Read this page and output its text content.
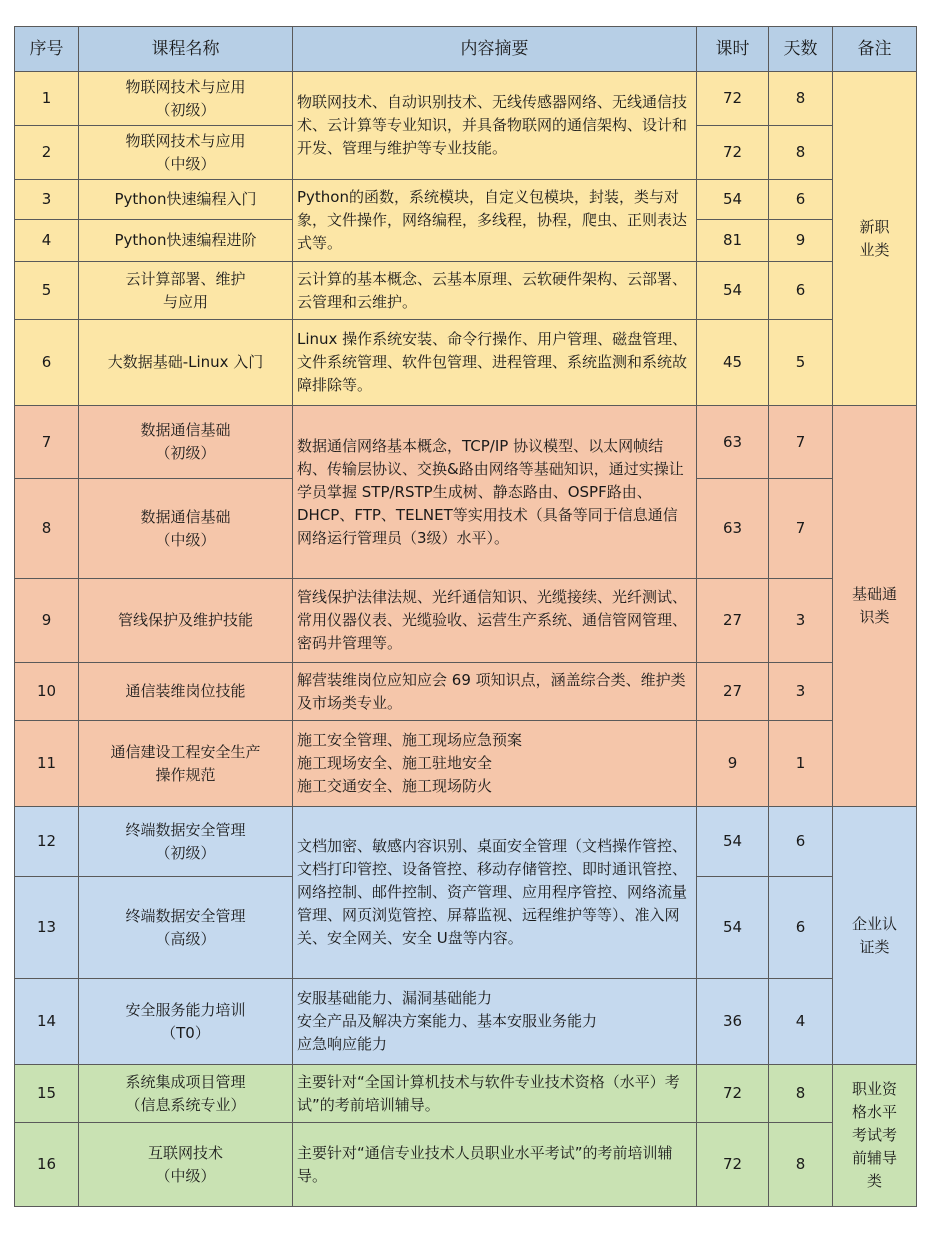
序号	课程名称	内容摘要	课时	天数	备注
1	物联网技术与应用
（初级）	物联网技术、自动识别技术、无线传感器网络、无线通信技术、云计算等专业知识，并具备物联网的通信架构、设计和开发、管理与维护等专业技能。	72	8	新职
业类
2	物联网技术与应用
（中级）		72	8	
3	Python快速编程入门	Python的函数，系统模块，自定义包模块，封装，类与对象，文件操作，网络编程，多线程，协程，爬虫、正则表达式等。	54	6	
4	Python快速编程进阶		81	9	
5	云计算部署、维护
与应用	云计算的基本概念、云基本原理、云软硬件架构、云部署、云管理和云维护。	54	6	
6	大数据基础-Linux 入门	Linux 操作系统安装、命令行操作、用户管理、磁盘管理、文件系统管理、软件包管理、进程管理、系统监测和系统故障排除等。	45	5	
7	数据通信基础
（初级）	数据通信网络基本概念，TCP/IP 协议模型、以太网帧结构、传输层协议、交换&路由网络等基础知识，通过实操让学员掌握 STP/RSTP生成树、静态路由、OSPF路由、DHCP、FTP、TELNET等实用技术（具备等同于信息通信网络运行管理员（3级）水平）。	63	7	基础通
识类
8	数据通信基础
（中级）		63	7	
9	管线保护及维护技能	管线保护法律法规、光纤通信知识、光缆接续、光纤测试、常用仪器仪表、光缆验收、运营生产系统、通信管网管理、密码井管理等。	27	3	
10	通信装维岗位技能	解营装维岗位应知应会 69 项知识点，涵盖综合类、维护类及市场类专业。	27	3	
11	通信建设工程安全生产
操作规范	施工安全管理、施工现场应急预案
施工现场安全、施工驻地安全
施工交通安全、施工现场防火	9	1	
12	终端数据安全管理
（初级）	文档加密、敏感内容识别、桌面安全管理（文档操作管控、文档打印管控、设备管控、移动存储管控、即时通讯管控、网络控制、邮件控制、资产管理、应用程序管控、网络流量管理、网页浏览管控、屏幕监视、远程维护等等）、准入网关、安全网关、安全 U盘等内容。	54	6	企业认
证类
13	终端数据安全管理
（高级）		54	6	
14	安全服务能力培训
（T0）	安服基础能力、漏洞基础能力
安全产品及解决方案能力、基本安服业务能力
应急响应能力	36	4	
15	系统集成项目管理
（信息系统专业）	主要针对“全国计算机技术与软件专业技术资格（水平）考试”的考前培训辅导。	72	8	职业资
格水平
考试考
前辅导
类
16	互联网技术
（中级）	主要针对“通信专业技术人员职业水平考试”的考前培训辅导。	72	8	
